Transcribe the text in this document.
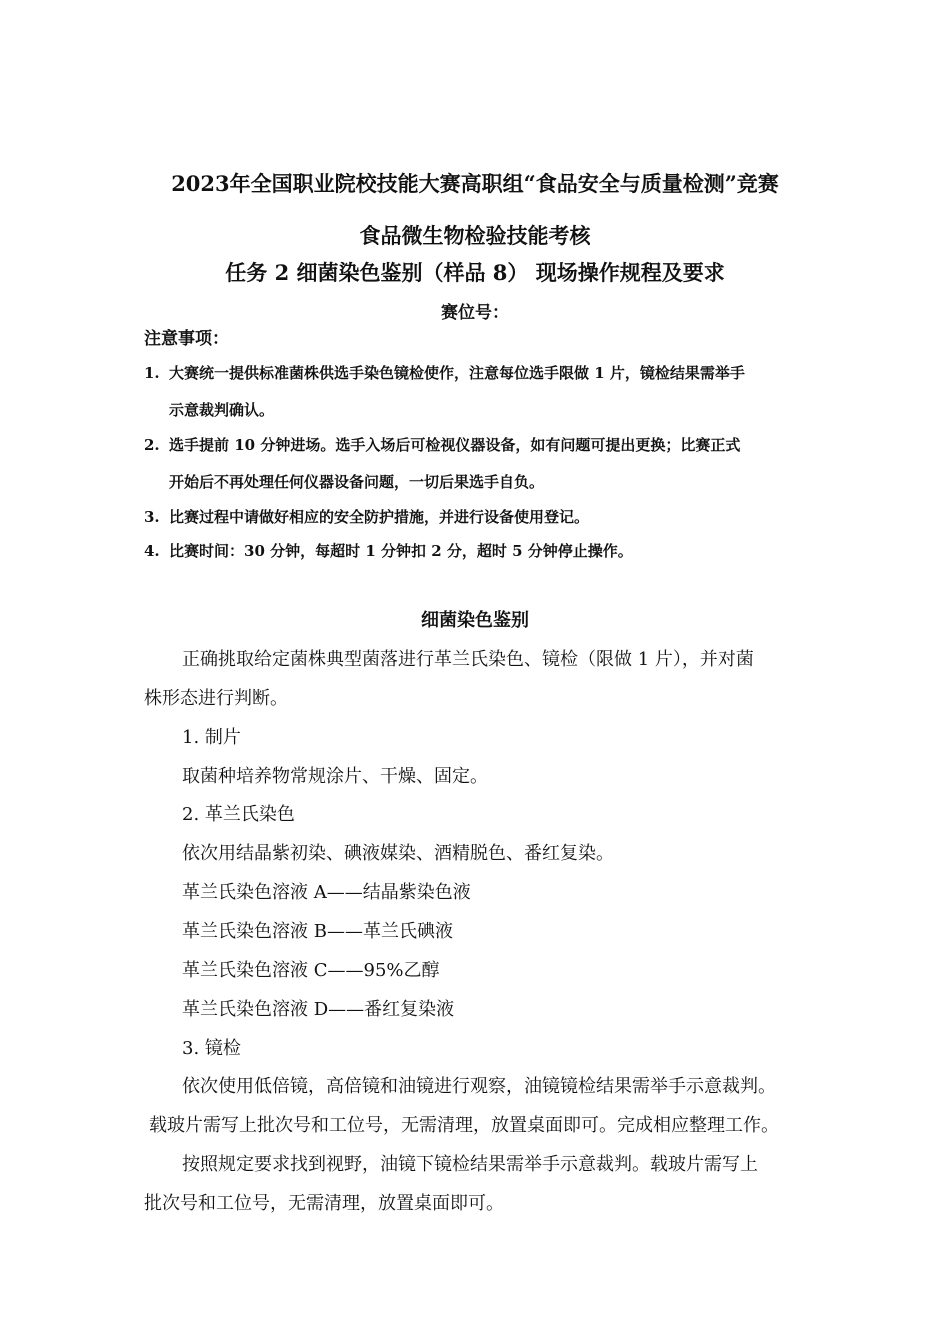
2023年全国职业院校技能大赛高职组“食品安全与质量检测”竞赛
食品微生物检验技能考核
任务 2 细菌染色鉴别（样品 8） 现场操作规程及要求
赛位号：
注意事项：
1. 大赛统一提供标准菌株供选手染色镜检使作，注意每位选手限做 1 片，镜检结果需举手
示意裁判确认。
2. 选手提前 10 分钟进场。选手入场后可检视仪器设备，如有问题可提出更换；比赛正式
开始后不再处理任何仪器设备问题，一切后果选手自负。
3. 比赛过程中请做好相应的安全防护措施，并进行设备使用登记。
4. 比赛时间：30 分钟，每超时 1 分钟扣 2 分，超时 5 分钟停止操作。
细菌染色鉴别
正确挑取给定菌株典型菌落进行革兰氏染色、镜检（限做 1 片），并对菌
株形态进行判断。
1. 制片
取菌种培养物常规涂片、干燥、固定。
2. 革兰氏染色
依次用结晶紫初染、碘液媒染、酒精脱色、番红复染。
革兰氏染色溶液 A——结晶紫染色液
革兰氏染色溶液 B——革兰氏碘液
革兰氏染色溶液 C——95%乙醇
革兰氏染色溶液 D——番红复染液
3. 镜检
依次使用低倍镜，高倍镜和油镜进行观察，油镜镜检结果需举手示意裁判。
载玻片需写上批次号和工位号，无需清理，放置桌面即可。完成相应整理工作。
按照规定要求找到视野，油镜下镜检结果需举手示意裁判。载玻片需写上
批次号和工位号，无需清理，放置桌面即可。
